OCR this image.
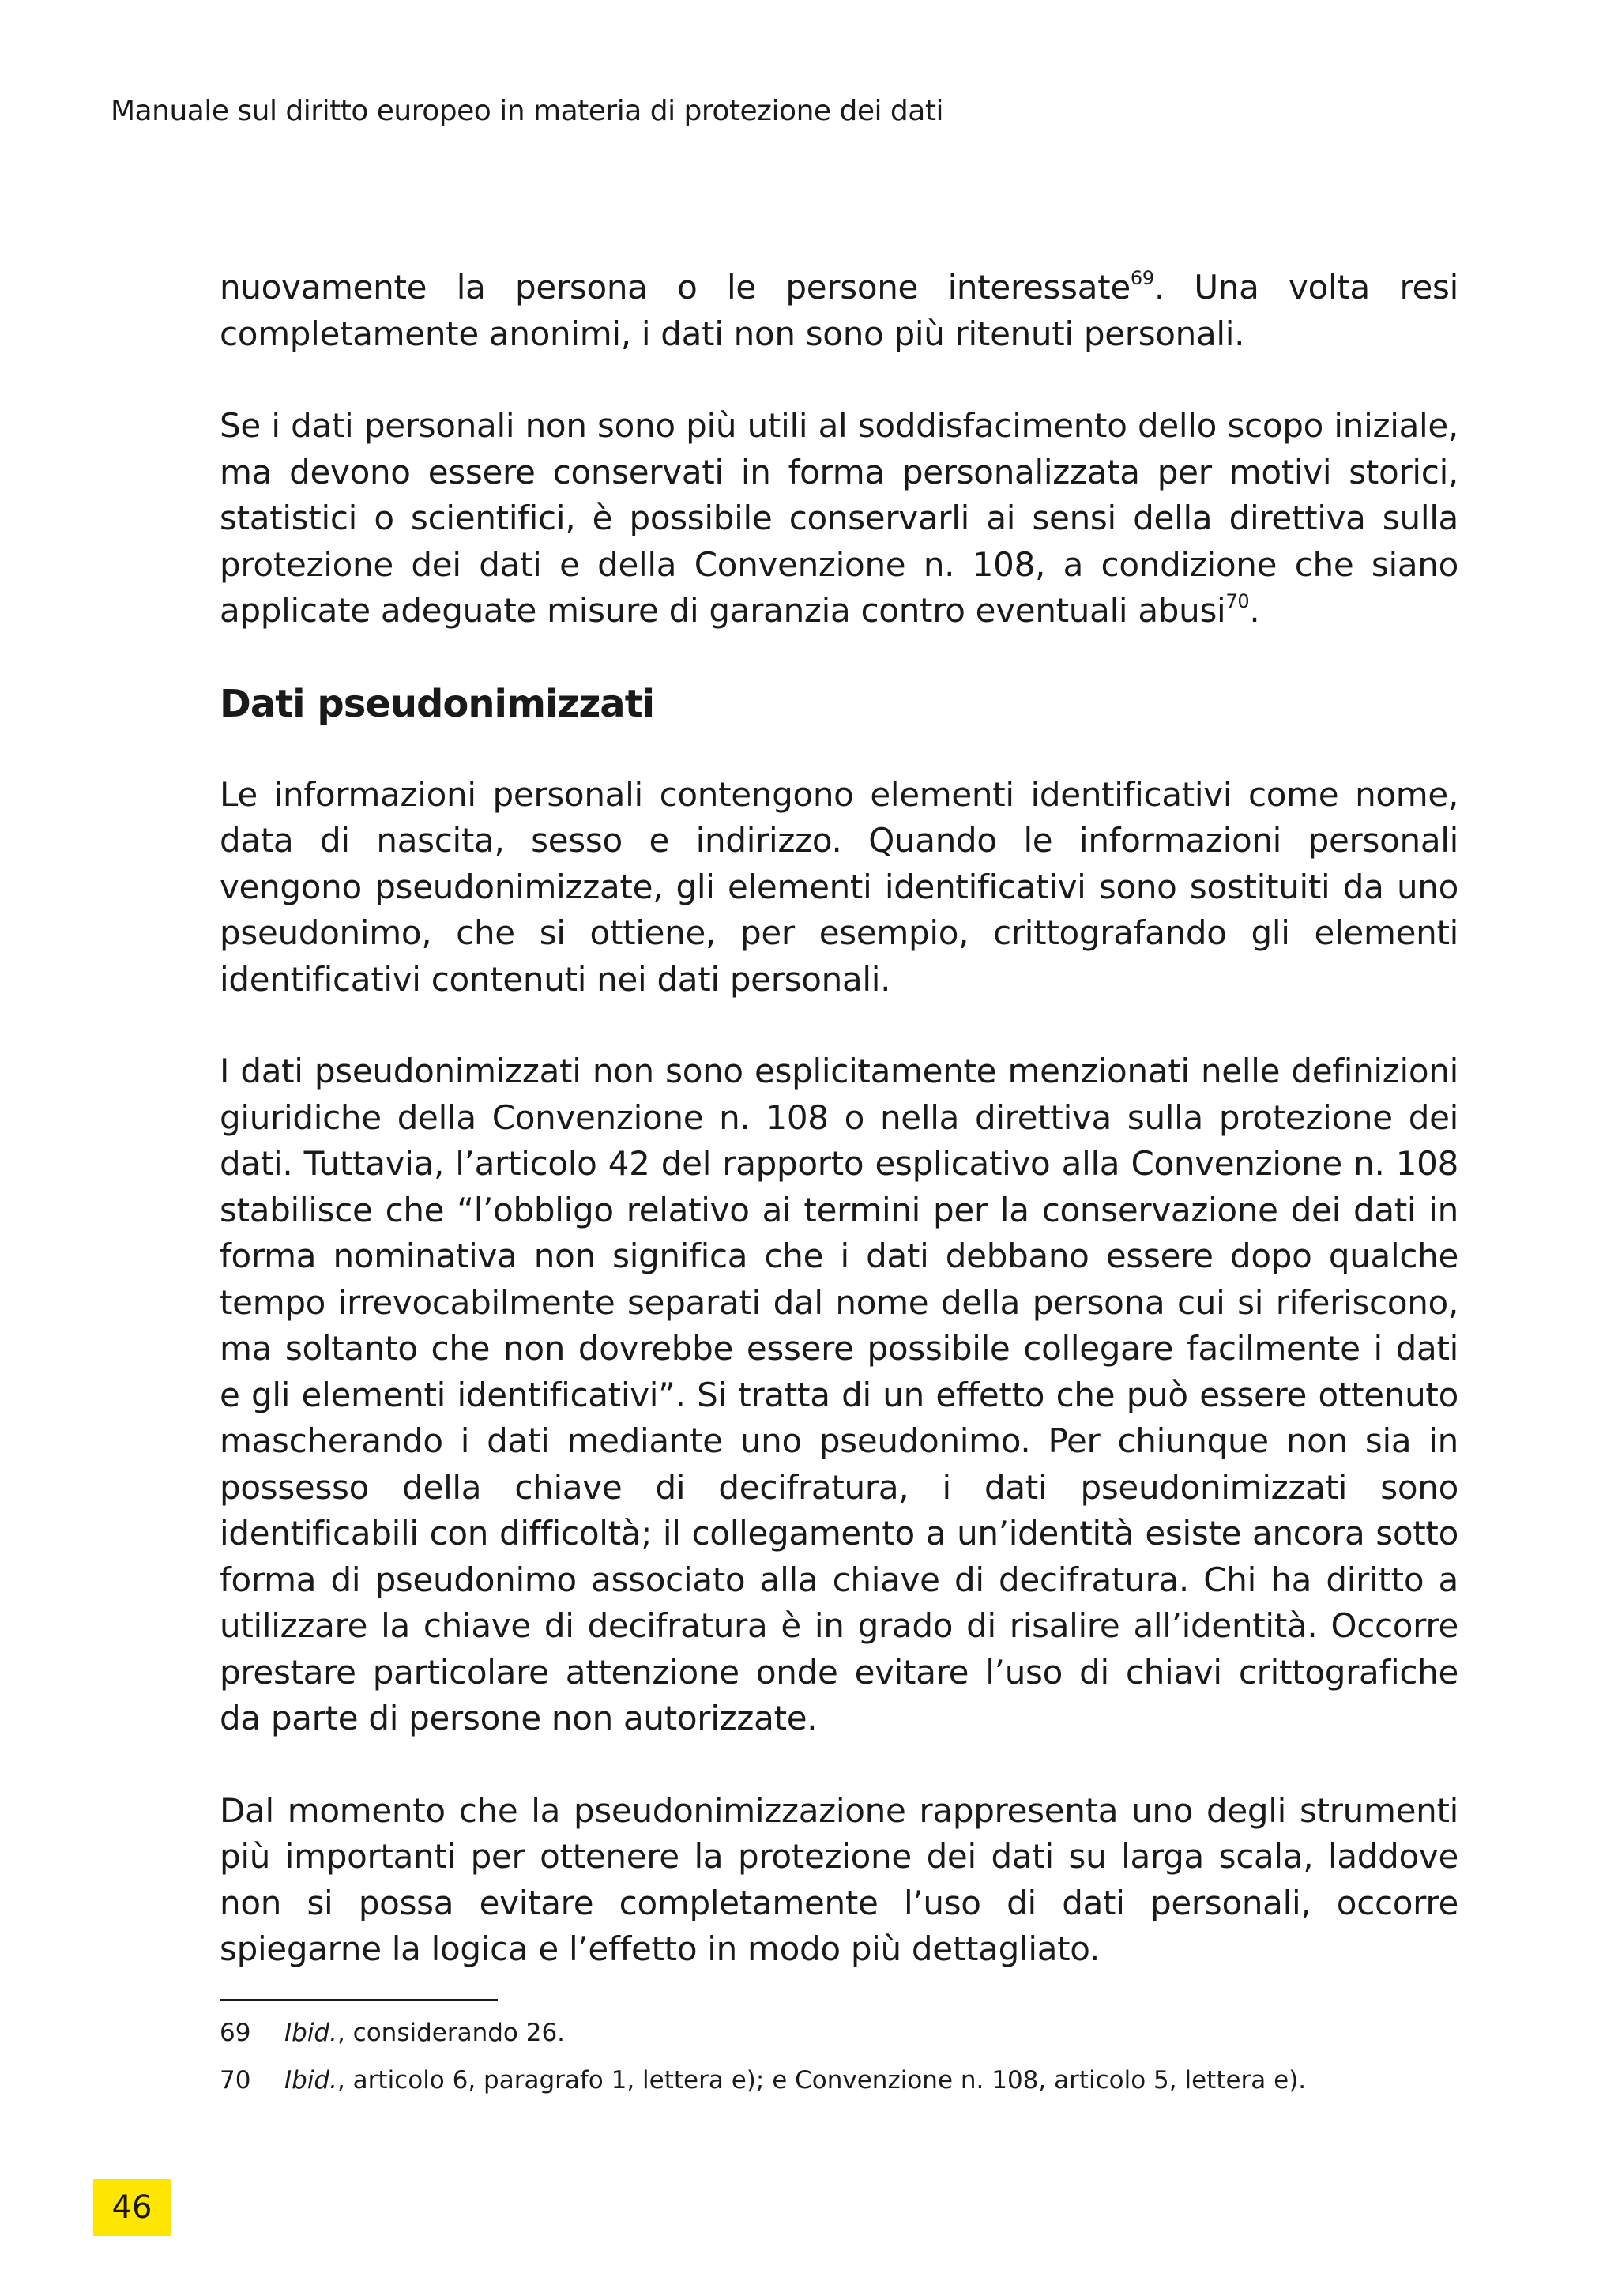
Manuale sul diritto europeo in materia di protezione dei dati

nuovamente la persona o le persone interessate$^{69}$. Una volta resi completamente anonimi, i dati non sono più ritenuti personali.

Se i dati personali non sono più utili al soddisfacimento dello scopo iniziale, ma devono essere conservati in forma personalizzata per motivi storici, statistici o scientifici, è possibile conservarli ai sensi della direttiva sulla protezione dei dati e della Convenzione n. 108, a condizione che siano applicate adeguate misure di garanzia contro eventuali abusi$^{70}$.

Dati pseudonimizzati

Le informazioni personali contengono elementi identificativi come nome, data di nascita, sesso e indirizzo. Quando le informazioni personali vengono pseudonimizzate, gli elementi identificativi sono sostituiti da uno pseudonimo, che si ottiene, per esempio, crittografando gli elementi identificativi contenuti nei dati personali.

I dati pseudonimizzati non sono esplicitamente menzionati nelle definizioni giuridiche della Convenzione n. 108 o nella direttiva sulla protezione dei dati. Tuttavia, l’articolo 42 del rapporto esplicativo alla Convenzione n. 108 stabilisce che “l’obbligo relativo ai termini per la conservazione dei dati in forma nominativa non significa che i dati debbano essere dopo qualche tempo irrevocabilmente separati dal nome della persona cui si riferiscono, ma soltanto che non dovrebbe essere possibile collegare facilmente i dati e gli elementi identificativi”. Si tratta di un effetto che può essere ottenuto mascherando i dati mediante uno pseudonimo. Per chiunque non sia in possesso della chiave di decifratura, i dati pseudonimizzati sono identificabili con difficoltà; il collegamento a un’identità esiste ancora sotto forma di pseudonimo associato alla chiave di decifratura. Chi ha diritto a utilizzare la chiave di decifratura è in grado di risalire all’identità. Occorre prestare particolare attenzione onde evitare l’uso di chiavi crittografiche da parte di persone non autorizzate.

Dal momento che la pseudonimizzazione rappresenta uno degli strumenti più importanti per ottenere la protezione dei dati su larga scala, laddove non si possa evitare completamente l’uso di dati personali, occorre spiegarne la logica e l’effetto in modo più dettagliato.

69	Ibid., considerando 26.
70	Ibid., articolo 6, paragrafo 1, lettera e); e Convenzione n. 108, articolo 5, lettera e).
46
